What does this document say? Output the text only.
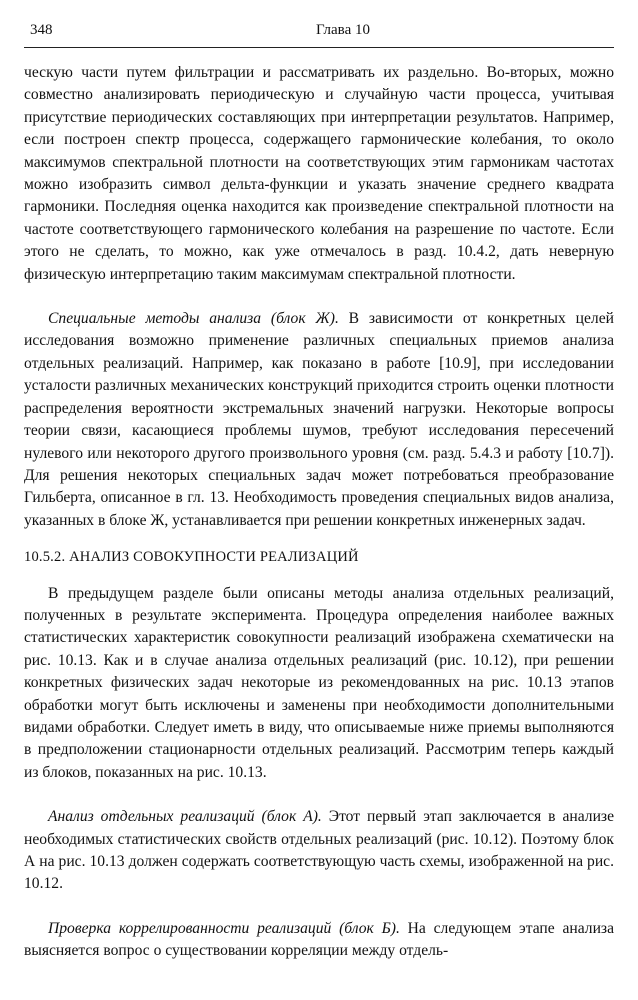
348	Глава 10

ческую части путем фильтрации и рассматривать их раздельно. Во-вторых, можно совместно анализировать периодическую и случайную части процесса, учитывая присутствие периодических составляющих при интерпретации результатов. Например, если построен спектр процесса, содержащего гармонические колебания, то около максимумов спектральной плотности на соответствующих этим гармоникам частотах можно изобразить символ дельта-функции и указать значение среднего квадрата гармоники. Последняя оценка находится как произведение спектральной плотности на частоте соответствующего гармонического колебания на разрешение по частоте. Если этого не сделать, то можно, как уже отмечалось в разд. 10.4.2, дать неверную физическую интерпретацию таким максимумам спектральной плотности.

Специальные методы анализа (блок Ж). В зависимости от конкретных целей исследования возможно применение различных специальных приемов анализа отдельных реализаций. Например, как показано в работе [10.9], при исследовании усталости различных механических конструкций приходится строить оценки плотности распределения вероятности экстремальных значений нагрузки. Некоторые вопросы теории связи, касающиеся проблемы шумов, требуют исследования пересечений нулевого или некоторого другого произвольного уровня (см. разд. 5.4.3 и работу [10.7]). Для решения некоторых специальных задач может потребоваться преобразование Гильберта, описанное в гл. 13. Необходимость проведения специальных видов анализа, указанных в блоке Ж, устанавливается при решении конкретных инженерных задач.

10.5.2. АНАЛИЗ СОВОКУПНОСТИ РЕАЛИЗАЦИЙ

В предыдущем разделе были описаны методы анализа отдельных реализаций, полученных в результате эксперимента. Процедура определения наиболее важных статистических характеристик совокупности реализаций изображена схематически на рис. 10.13. Как и в случае анализа отдельных реализаций (рис. 10.12), при решении конкретных физических задач некоторые из рекомендованных на рис. 10.13 этапов обработки могут быть исключены и заменены при необходимости дополнительными видами обработки. Следует иметь в виду, что описываемые ниже приемы выполняются в предположении стационарности отдельных реализаций. Рассмотрим теперь каждый из блоков, показанных на рис. 10.13.

Анализ отдельных реализаций (блок А). Этот первый этап заключается в анализе необходимых статистических свойств отдельных реализаций (рис. 10.12). Поэтому блок А на рис. 10.13 должен содержать соответствующую часть схемы, изображенной на рис. 10.12.

Проверка коррелированности реализаций (блок Б). На следующем этапе анализа выясняется вопрос о существовании корреляции между отдель-
